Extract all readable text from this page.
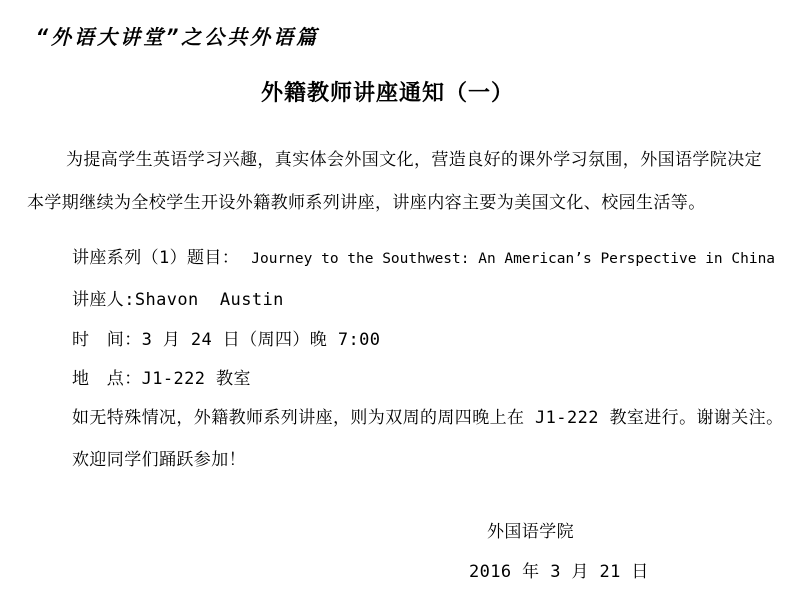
“外语大讲堂”之公共外语篇
外籍教师讲座通知（一）
为提高学生英语学习兴趣，真实体会外国文化，营造良好的课外学习氛围，外国语学院决定
本学期继续为全校学生开设外籍教师系列讲座，讲座内容主要为美国文化、校园生活等。
讲座系列（1）题目： Journey to the Southwest: An American’s Perspective in China
讲座人:Shavon  Austin
时　间：3 月 24 日（周四）晚 7:00
地　点：J1-222 教室
如无特殊情况，外籍教师系列讲座，则为双周的周四晚上在 J1-222 教室进行。谢谢关注。
欢迎同学们踊跃参加！
外国语学院
2016 年 3 月 21 日
